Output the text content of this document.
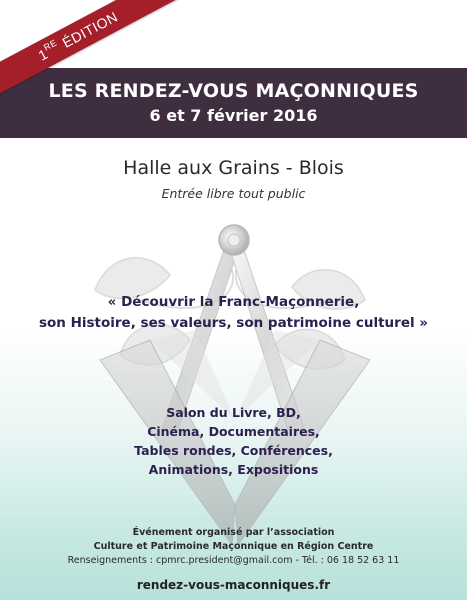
1
RE
ÉDITION
LES RENDEZ-VOUS MAÇONNIQUES
6 et 7 février 2016
Halle aux Grains - Blois
Entrée libre tout public
« Découvrir la Franc-Maçonnerie,
son Histoire, ses valeurs, son patrimoine culturel »
Salon du Livre, BD,
Cinéma, Documentaires,
Tables rondes, Conférences,
Animations, Expositions
Événement organisé par l’association
Culture et Patrimoine Maçonnique en Région Centre
Renseignements : cpmrc.president@gmail.com - Tél. : 06 18 52 63 11
rendez-vous-maconniques.fr
